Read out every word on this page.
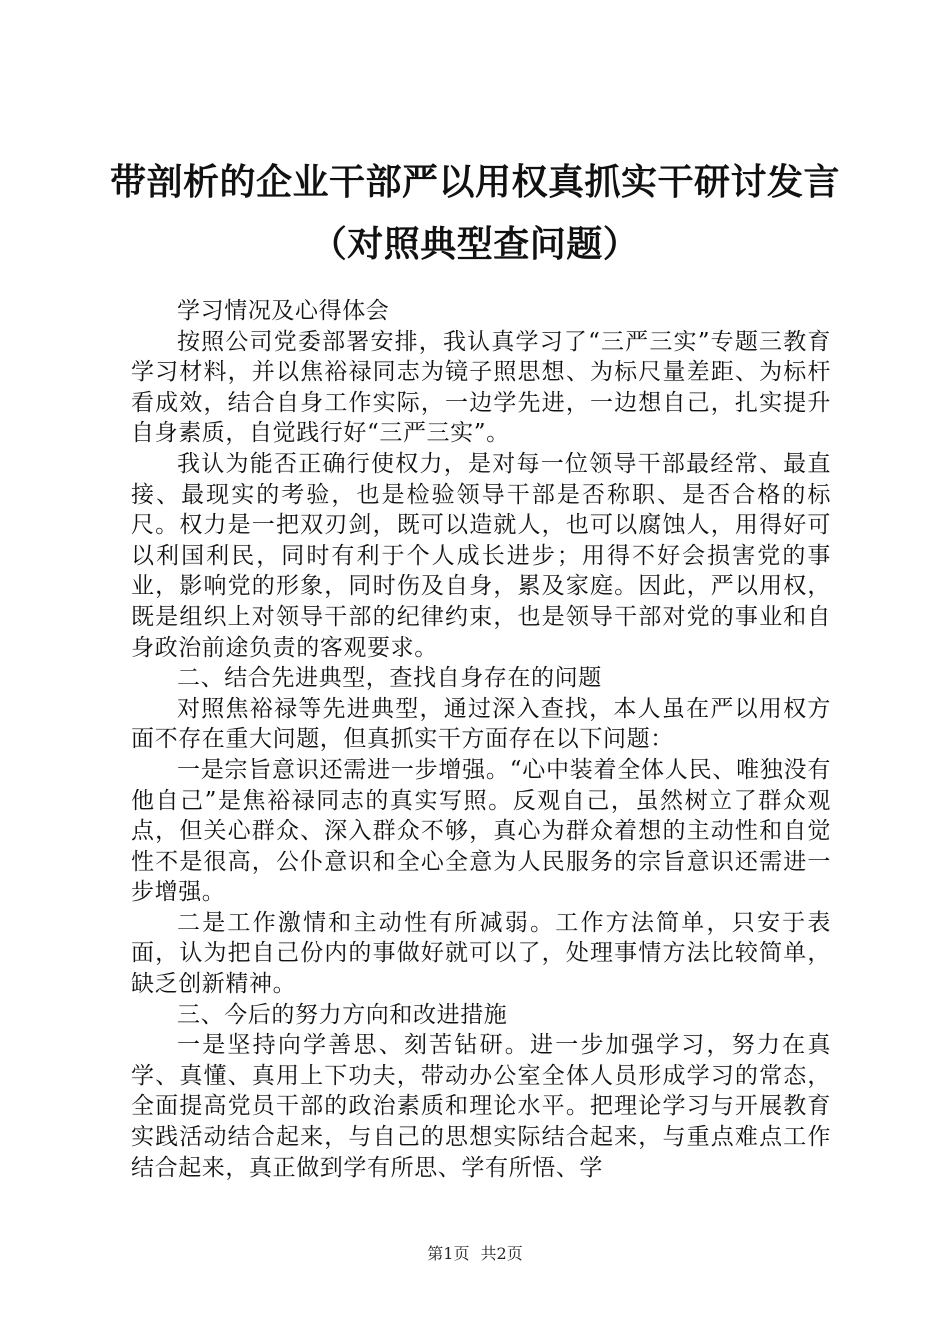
带剖析的企业干部严以用权真抓实干研讨发言
（对照典型查问题）

学习情况及心得体会

按照公司党委部署安排，我认真学习了“三严三实”专题三教育学习材料，并以焦裕禄同志为镜子照思想、为标尺量差距、为标杆看成效，结合自身工作实际，一边学先进，一边想自己，扎实提升自身素质，自觉践行好“三严三实”。

我认为能否正确行使权力，是对每一位领导干部最经常、最直接、最现实的考验，也是检验领导干部是否称职、是否合格的标尺。权力是一把双刃剑，既可以造就人，也可以腐蚀人，用得好可以利国利民，同时有利于个人成长进步；用得不好会损害党的事业，影响党的形象，同时伤及自身，累及家庭。因此，严以用权，既是组织上对领导干部的纪律约束，也是领导干部对党的事业和自身政治前途负责的客观要求。

二、结合先进典型，查找自身存在的问题

对照焦裕禄等先进典型，通过深入查找，本人虽在严以用权方面不存在重大问题，但真抓实干方面存在以下问题：

一是宗旨意识还需进一步增强。“心中装着全体人民、唯独没有他自己”是焦裕禄同志的真实写照。反观自己，虽然树立了群众观点，但关心群众、深入群众不够，真心为群众着想的主动性和自觉性不是很高，公仆意识和全心全意为人民服务的宗旨意识还需进一步增强。

二是工作激情和主动性有所减弱。工作方法简单，只安于表面，认为把自己份内的事做好就可以了，处理事情方法比较简单，缺乏创新精神。

三、今后的努力方向和改进措施

一是坚持向学善思、刻苦钻研。进一步加强学习，努力在真学、真懂、真用上下功夫，带动办公室全体人员形成学习的常态，全面提高党员干部的政治素质和理论水平。把理论学习与开展教育实践活动结合起来，与自己的思想实际结合起来，与重点难点工作结合起来，真正做到学有所思、学有所悟、学

第1页 共2页
